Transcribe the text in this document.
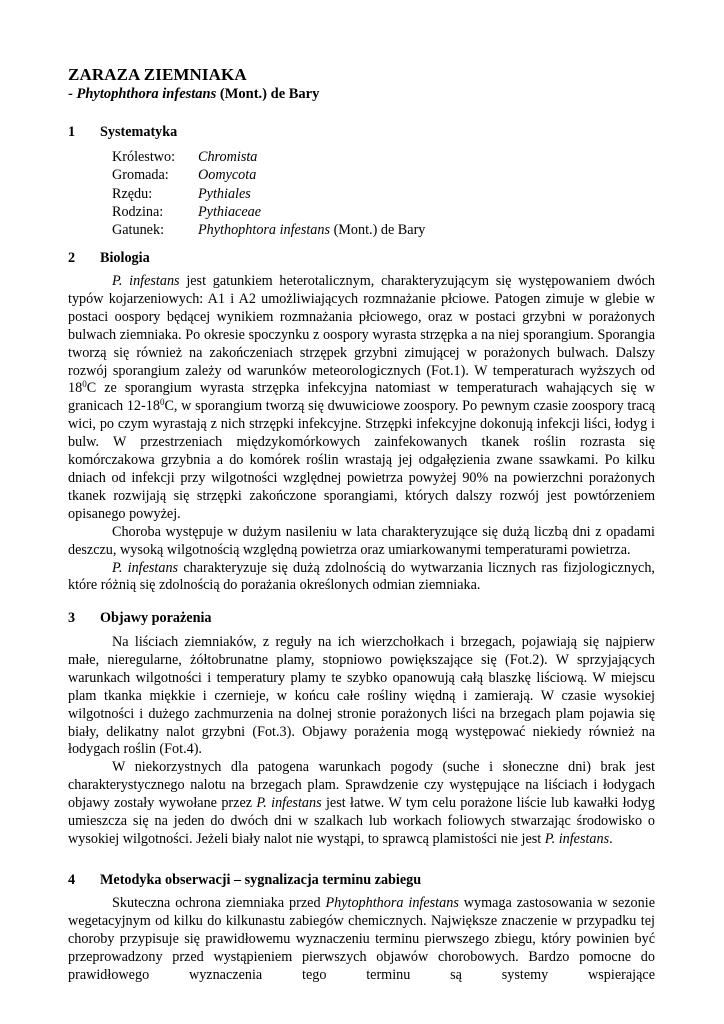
ZARAZA ZIEMNIAKA
- Phytophthora infestans (Mont.) de Bary
1 Systematyka
Królestwo: Chromista
Gromada: Oomycota
Rzędu:	Pythiales
Rodzina: Pythiaceae
Gatunek: Phythophtora infestans (Mont.) de Bary
2 Biologia

P. infestans jest gatunkiem heterotalicznym, charakteryzującym się występowaniem dwóch typów kojarzeniowych: A1 i A2 umożliwiających rozmnażanie płciowe. Patogen zimuje w glebie w postaci oospory będącej wynikiem rozmnażania płciowego, oraz w postaci grzybni w porażonych bulwach ziemniaka. Po okresie spoczynku z oospory wyrasta strzępka a na niej sporangium. Sporangia tworzą się również na zakończeniach strzępek grzybni zimującej w porażonych bulwach. Dalszy rozwój sporangium zależy od warunków meteorologicznych (Fot.1). W temperaturach wyższych od $18^0C$ ze sporangium wyrasta strzępka infekcyjna natomiast w temperaturach wahających się w granicach $12-18^0C$, w sporangium tworzą się dwuwiciowe zoospory. Po pewnym czasie zoospory tracą wici, po czym wyrastają z nich strzępki infekcyjne. Strzępki infekcyjne dokonują infekcji liści, łodyg i bulw. W przestrzeniach międzykomórkowych zainfekowanych tkanek roślin rozrasta się komórczakowa grzybnia a do komórek roślin wrastają jej odgałęzienia zwane ssawkami. Po kilku dniach od infekcji przy wilgotności względnej powietrza powyżej 90% na powierzchni porażonych tkanek rozwijają się strzępki zakończone sporangiami, których dalszy rozwój jest powtórzeniem opisanego powyżej.

Choroba występuje w dużym nasileniu w lata charakteryzujące się dużą liczbą dni z opadami deszczu, wysoką wilgotnością względną powietrza oraz umiarkowanymi temperaturami powietrza.

P. infestans charakteryzuje się dużą zdolnością do wytwarzania licznych ras fizjologicznych, które różnią się zdolnością do porażania określonych odmian ziemniaka.

3 Objawy porażenia

Na liściach ziemniaków, z reguły na ich wierzchołkach i brzegach, pojawiają się najpierw małe, nieregularne, żółtobrunatne plamy, stopniowo powiększające się (Fot.2). W sprzyjających warunkach wilgotności i temperatury plamy te szybko opanowują całą blaszkę liściową. W miejscu plam tkanka miękkie i czernieje, w końcu całe rośliny więdną i zamierają. W czasie wysokiej wilgotności i dużego zachmurzenia na dolnej stronie porażonych liści na brzegach plam pojawia się biały, delikatny nalot grzybni (Fot.3). Objawy porażenia mogą występować niekiedy również na łodygach roślin (Fot.4).

W niekorzystnych dla patogena warunkach pogody (suche i słoneczne dni) brak jest charakterystycznego nalotu na brzegach plam. Sprawdzenie czy występujące na liściach i łodygach objawy zostały wywołane przez P. infestans jest łatwe. W tym celu porażone liście lub kawałki łodyg umieszcza się na jeden do dwóch dni w szalkach lub workach foliowych stwarzając środowisko o wysokiej wilgotności. Jeżeli biały nalot nie wystąpi, to sprawcą plamistości nie jest P. infestans.

4 Metodyka obserwacji – sygnalizacja terminu zabiegu

Skuteczna ochrona ziemniaka przed Phytophthora infestans wymaga zastosowania w sezonie wegetacyjnym od kilku do kilkunastu zabiegów chemicznych. Największe znaczenie w przypadku tej choroby przypisuje się prawidłowemu wyznaczeniu terminu pierwszego zbiegu, który powinien być przeprowadzony przed wystąpieniem pierwszych objawów chorobowych. Bardzo pomocne do prawidłowego wyznaczenia tego terminu są systemy wspierające
